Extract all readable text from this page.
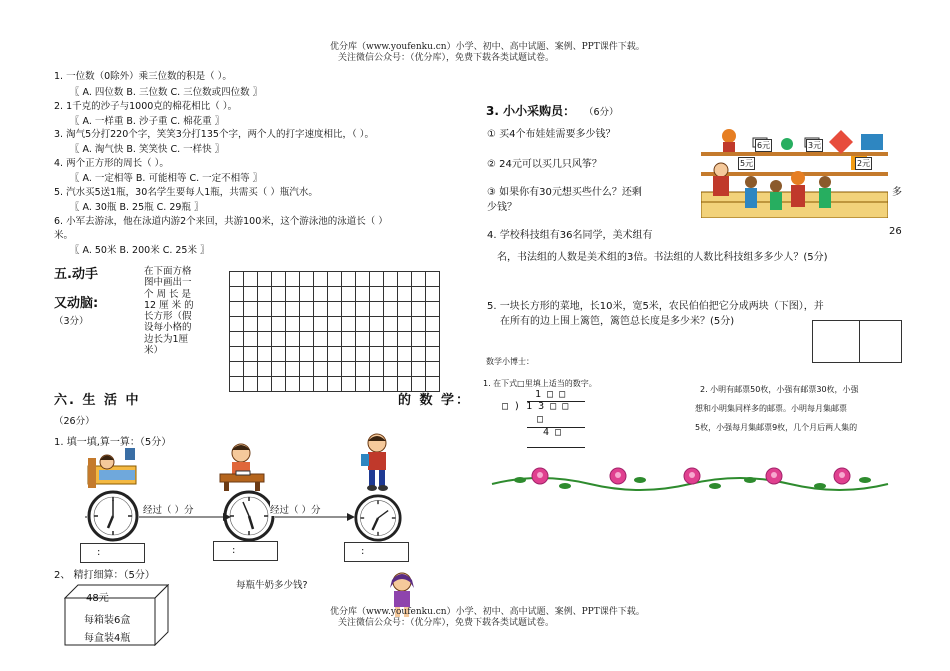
优分库（www.youfenku.cn）小学、初中、高中试题、案例、PPT课件下载。
关注微信公众号：（优分库），免费下载各类试题试卷。
1. 一位数（0除外）乘三位数的积是（ ）。
〖 A. 四位数 B. 三位数 C. 三位数或四位数 〗
2. 1千克的沙子与1000克的棉花相比（ ）。
〖 A. 一样重 B. 沙子重 C. 棉花重 〗
3. 淘气5分打220个字，笑笑3分打135个字，两个人的打字速度相比，（ ）。
〖 A. 淘气快 B. 笑笑快 C. 一样快 〗
4. 两个正方形的周长（ ）。
〖 A. 一定相等 B. 可能相等 C. 一定不相等 〗
5. 汽水买5送1瓶，30名学生要每人1瓶，共需买（ ）瓶汽水。
〖 A. 30瓶 B. 25瓶 C. 29瓶 〗
6. 小军去游泳，他在泳道内游2个来回，共游100米，这个游泳池的泳道长（ ）
米。
〖 A. 50米 B. 200米 C. 25米 〗
五.动手
又动脑:
（3分）
在下面方格
图中画出一
个 周 长 是
12 厘 米 的
长方形（假
设每小格的
边长为1厘
米）

六. 生 活 中	的 数 学：
（26分）
1. 填一填,算一算：（5分）
经过（ ）分	经过（ ）分
:	:	:
2、 精打细算：（5分）
48元
每箱装6盒
每盒装4瓶
每瓶牛奶多少钱?
优分库（www.youfenku.cn）小学、初中、高中试题、案例、PPT课件下载。
关注微信公众号：（优分库），免费下载各类试题试卷。
3. 小小采购员： （6分）
① 买4个布娃娃需要多少钱？
② 24元可以买几只风筝？
③ 如果你有30元想买些什么？还剩	多
少钱？
6元	3元
2元
5元
4. 学校科技组有36名同学，美术组有	26
名，书法组的人数是美术组的3倍。书法组的人数比科技组多多少人？(5分)
5. 一块长方形的菜地，长10米，宽5米，农民伯伯把它分成两块（下图），并
在所有的边上围上篱笆，篱笆总长度是多少米？(5分)
数学小博士：
1. 在下式□里填上适当的数字。
1 □ □
□ ) 1 3 □ □
□
4 □
2. 小明有邮票50枚，小强有邮票30枚，小强
想和小明集同样多的邮票。小明每月集邮票
5枚，小强每月集邮票9枚，几个月后两人集的
